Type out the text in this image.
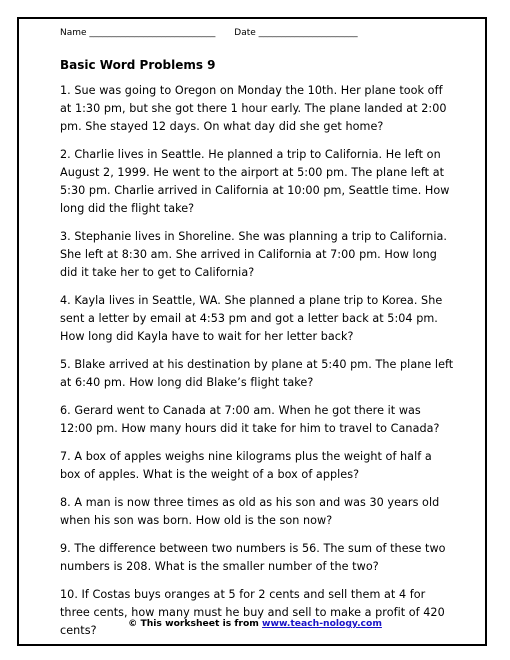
Name ____________________________ Date ______________________
Basic Word Problems 9
1. Sue was going to Oregon on Monday the 10th. Her plane took off at 1:30 pm, but she got there 1 hour early. The plane landed at 2:00 pm. She stayed 12 days. On what day did she get home?
2. Charlie lives in Seattle. He planned a trip to California. He left on August 2, 1999. He went to the airport at 5:00 pm. The plane left at 5:30 pm. Charlie arrived in California at 10:00 pm, Seattle time. How long did the flight take?
3. Stephanie lives in Shoreline. She was planning a trip to California. She left at 8:30 am. She arrived in California at 7:00 pm. How long did it take her to get to California?
4. Kayla lives in Seattle, WA. She planned a plane trip to Korea. She sent a letter by email at 4:53 pm and got a letter back at 5:04 pm. How long did Kayla have to wait for her letter back?
5. Blake arrived at his destination by plane at 5:40 pm. The plane left at 6:40 pm. How long did Blake’s flight take?
6. Gerard went to Canada at 7:00 am. When he got there it was 12:00 pm. How many hours did it take for him to travel to Canada?
7. A box of apples weighs nine kilograms plus the weight of half a box of apples. What is the weight of a box of apples?
8. A man is now three times as old as his son and was 30 years old when his son was born. How old is the son now?
9. The difference between two numbers is 56. The sum of these two numbers is 208. What is the smaller number of the two?
10. If Costas buys oranges at 5 for 2 cents and sell them at 4 for three cents, how many must he buy and sell to make a profit of 420 cents?
© This worksheet is from www.teach-nology.com
